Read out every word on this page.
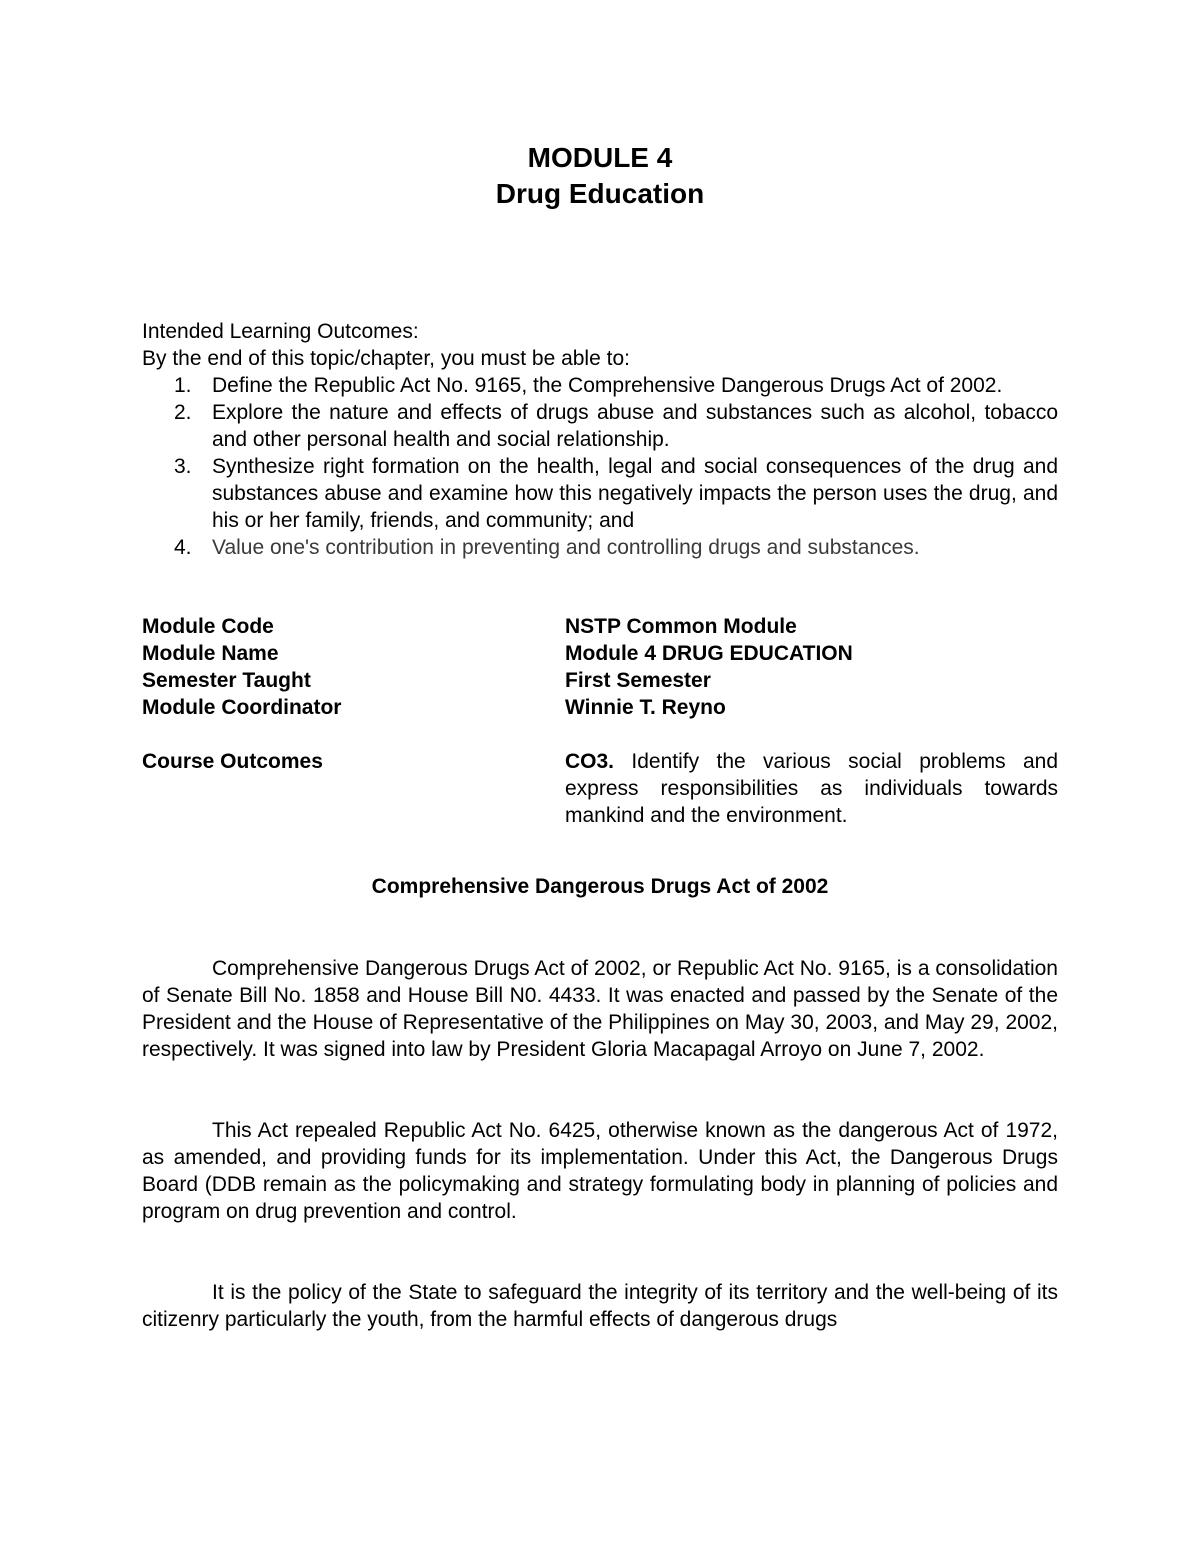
MODULE 4
Drug Education

Intended Learning Outcomes:

By the end of this topic/chapter, you must be able to:

1. Define the Republic Act No. 9165, the Comprehensive Dangerous Drugs Act of 2002.
2. Explore the nature and effects of drugs abuse and substances such as alcohol, tobacco and other personal health and social relationship.
3. Synthesize right formation on the health, legal and social consequences of the drug and substances abuse and examine how this negatively impacts the person uses the drug, and his or her family, friends, and community; and
4. Value one's contribution in preventing and controlling drugs and substances.
Module Code	NSTP Common Module
Module Name	Module 4 DRUG EDUCATION
Semester Taught	First Semester
Module Coordinator	Winnie T. Reyno
Course Outcomes	CO3. Identify the various social problems and express responsibilities as individuals towards mankind and the environment.
Comprehensive Dangerous Drugs Act of 2002

Comprehensive Dangerous Drugs Act of 2002, or Republic Act No. 9165, is a consolidation of Senate Bill No. 1858 and House Bill N0. 4433. It was enacted and passed by the Senate of the President and the House of Representative of the Philippines on May 30, 2003, and May 29, 2002, respectively. It was signed into law by President Gloria Macapagal Arroyo on June 7, 2002.

This Act repealed Republic Act No. 6425, otherwise known as the dangerous Act of 1972, as amended, and providing funds for its implementation. Under this Act, the Dangerous Drugs Board (DDB remain as the policymaking and strategy formulating body in planning of policies and program on drug prevention and control.

It is the policy of the State to safeguard the integrity of its territory and the well-being of its citizenry particularly the youth, from the harmful effects of dangerous drugs
